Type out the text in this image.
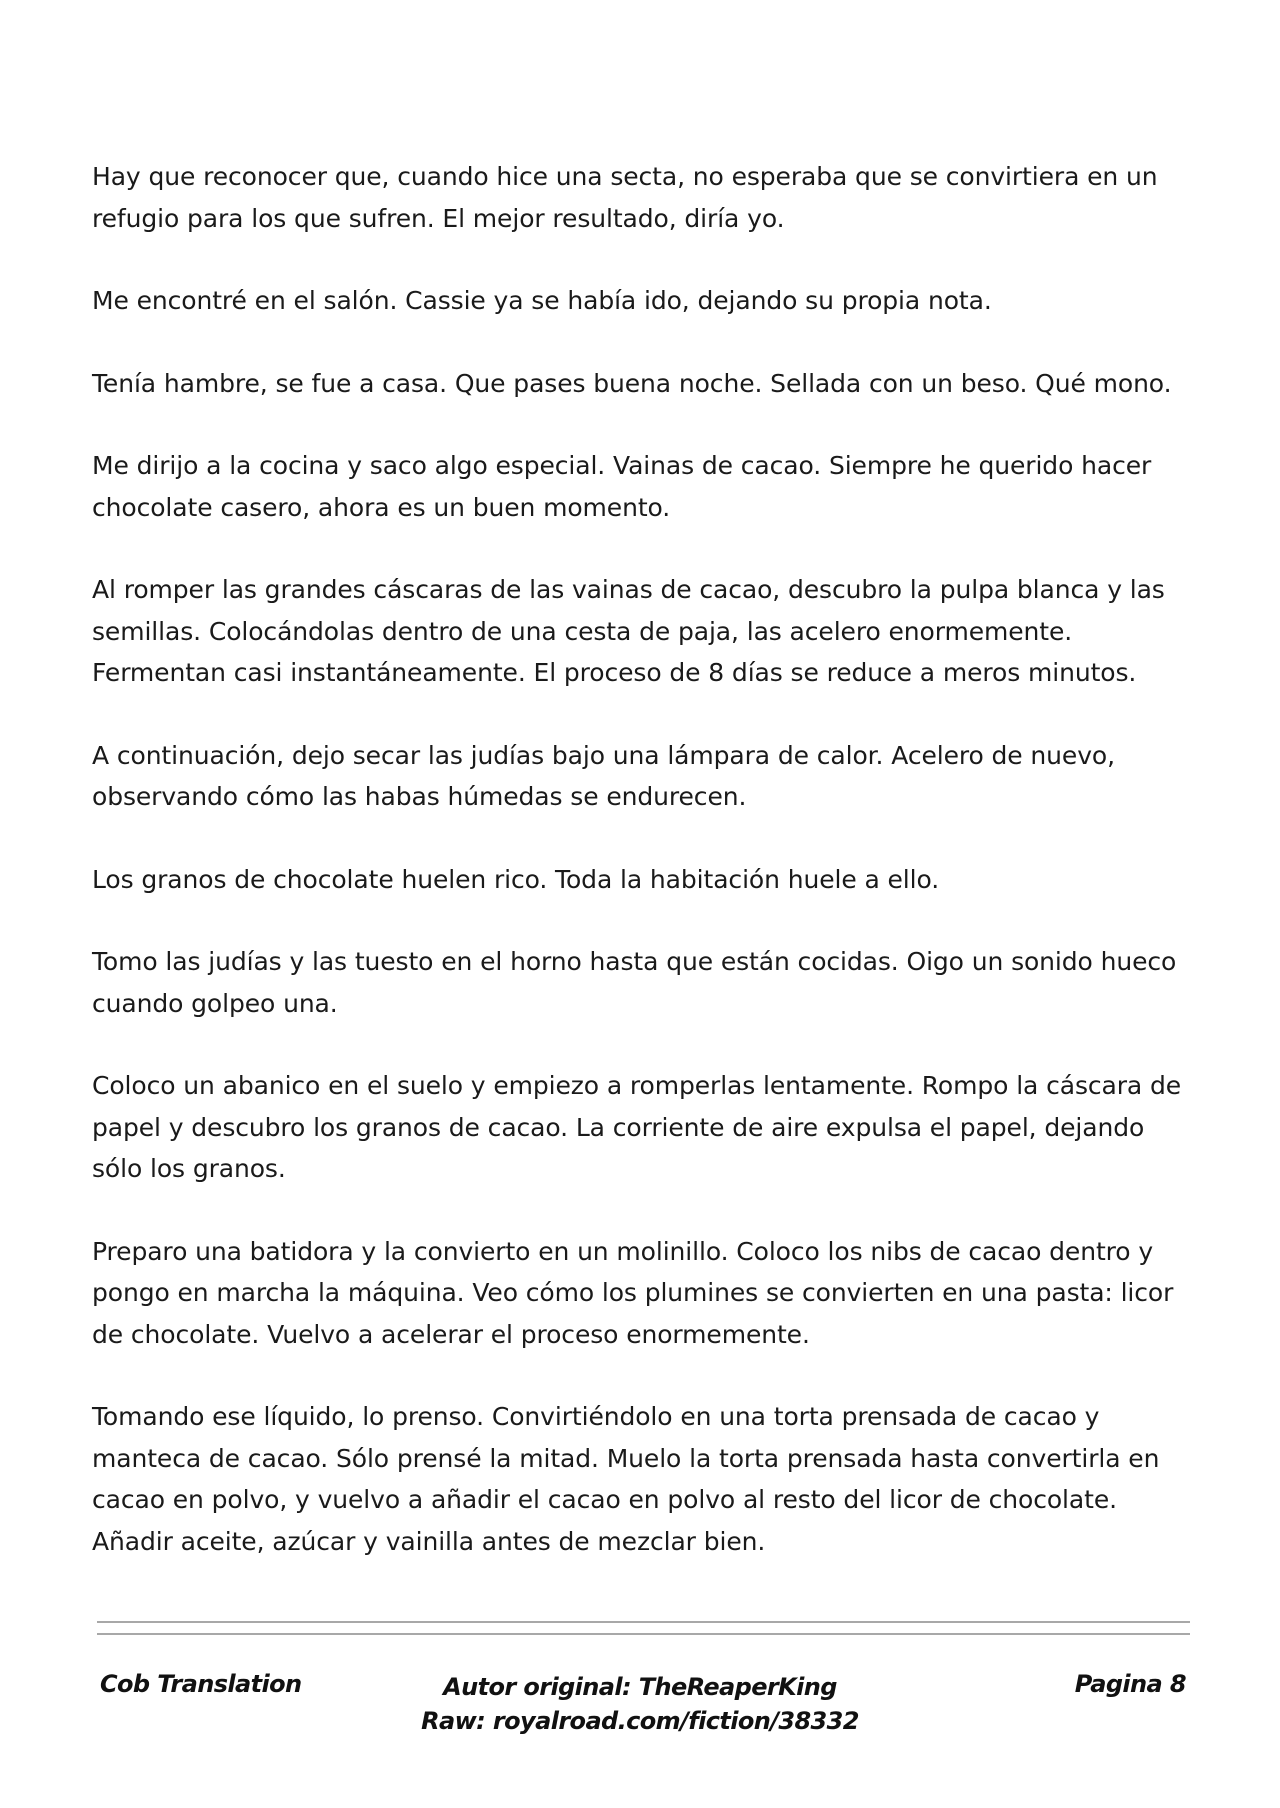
Hay que reconocer que, cuando hice una secta, no esperaba que se convirtiera en un refugio para los que sufren. El mejor resultado, diría yo.

Me encontré en el salón. Cassie ya se había ido, dejando su propia nota.

Tenía hambre, se fue a casa. Que pases buena noche. Sellada con un beso. Qué mono.

Me dirijo a la cocina y saco algo especial. Vainas de cacao. Siempre he querido hacer chocolate casero, ahora es un buen momento.

Al romper las grandes cáscaras de las vainas de cacao, descubro la pulpa blanca y las semillas. Colocándolas dentro de una cesta de paja, las acelero enormemente. Fermentan casi instantáneamente. El proceso de 8 días se reduce a meros minutos.

A continuación, dejo secar las judías bajo una lámpara de calor. Acelero de nuevo, observando cómo las habas húmedas se endurecen.

Los granos de chocolate huelen rico. Toda la habitación huele a ello.

Tomo las judías y las tuesto en el horno hasta que están cocidas. Oigo un sonido hueco cuando golpeo una.

Coloco un abanico en el suelo y empiezo a romperlas lentamente. Rompo la cáscara de papel y descubro los granos de cacao. La corriente de aire expulsa el papel, dejando sólo los granos.

Preparo una batidora y la convierto en un molinillo. Coloco los nibs de cacao dentro y pongo en marcha la máquina. Veo cómo los plumines se convierten en una pasta: licor de chocolate. Vuelvo a acelerar el proceso enormemente.

Tomando ese líquido, lo prenso. Convirtiéndolo en una torta prensada de cacao y manteca de cacao. Sólo prensé la mitad. Muelo la torta prensada hasta convertirla en cacao en polvo, y vuelvo a añadir el cacao en polvo al resto del licor de chocolate. Añadir aceite, azúcar y vainilla antes de mezclar bien.

Cob Translation	Autor original: TheReaperKing
Raw: royalroad.com/fiction/38332
Pagina 8
